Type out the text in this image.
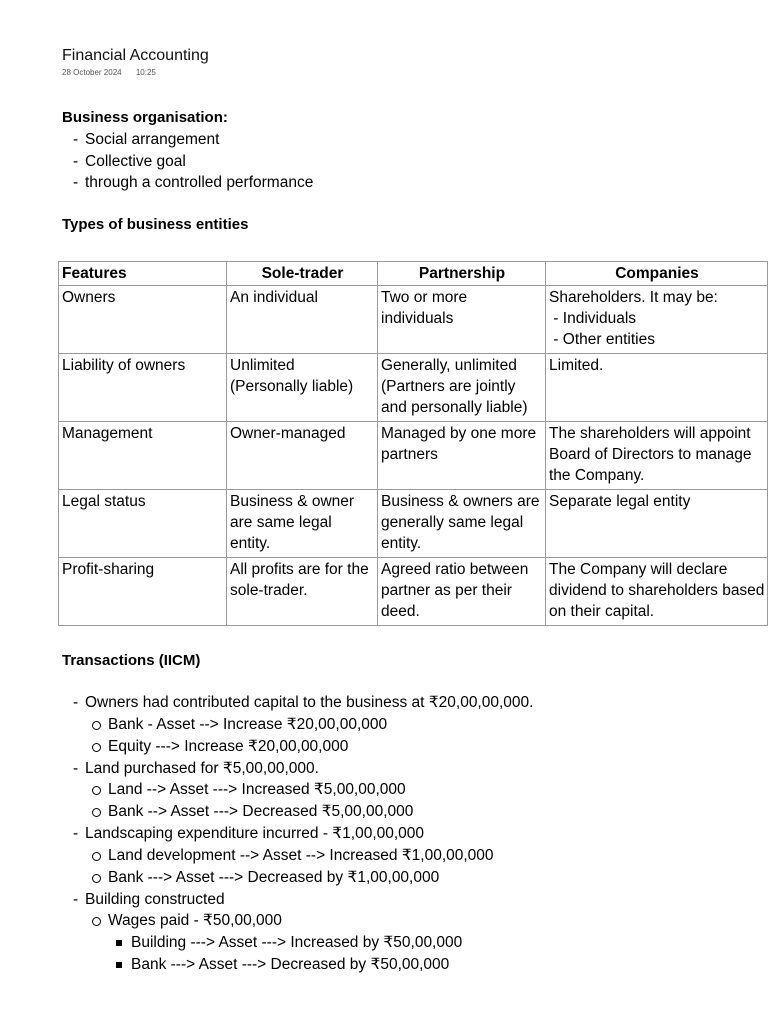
Financial Accounting
28 October 2024 10:25
Business organisation:
- Social arrangement
- Collective goal
- through a controlled performance
Types of business entities
Features	Sole-trader	Partnership	Companies
Owners	An individual	Two or more individuals	Shareholders. It may be:
- Individuals
- Other entities

Liability of owners	Unlimited (Personally liable)	Generally, unlimited (Partners are jointly and personally liable)	Limited.
Management	Owner-managed	Managed by one more partners	The shareholders will appoint Board of Directors to manage the Company.
Legal status	Business & owner are same legal entity.	Business & owners are generally same legal entity.	Separate legal entity
Profit-sharing	All profits are for the sole-trader.	Agreed ratio between partner as per their deed.	The Company will declare dividend to shareholders based on their capital.
Transactions (IICM)
- Owners had contributed capital to the business at ₹20,00,00,000.
Bank - Asset --> Increase ₹20,00,00,000
Equity ---> Increase ₹20,00,00,000
- Land purchased for ₹5,00,00,000.
Land --> Asset ---> Increased ₹5,00,00,000
Bank --> Asset ---> Decreased ₹5,00,00,000
- Landscaping expenditure incurred - ₹1,00,00,000
Land development --> Asset --> Increased ₹1,00,00,000
Bank ---> Asset ---> Decreased by ₹1,00,00,000
- Building constructed
Wages paid - ₹50,00,000
Building ---> Asset ---> Increased by ₹50,00,000
Bank ---> Asset ---> Decreased by ₹50,00,000
